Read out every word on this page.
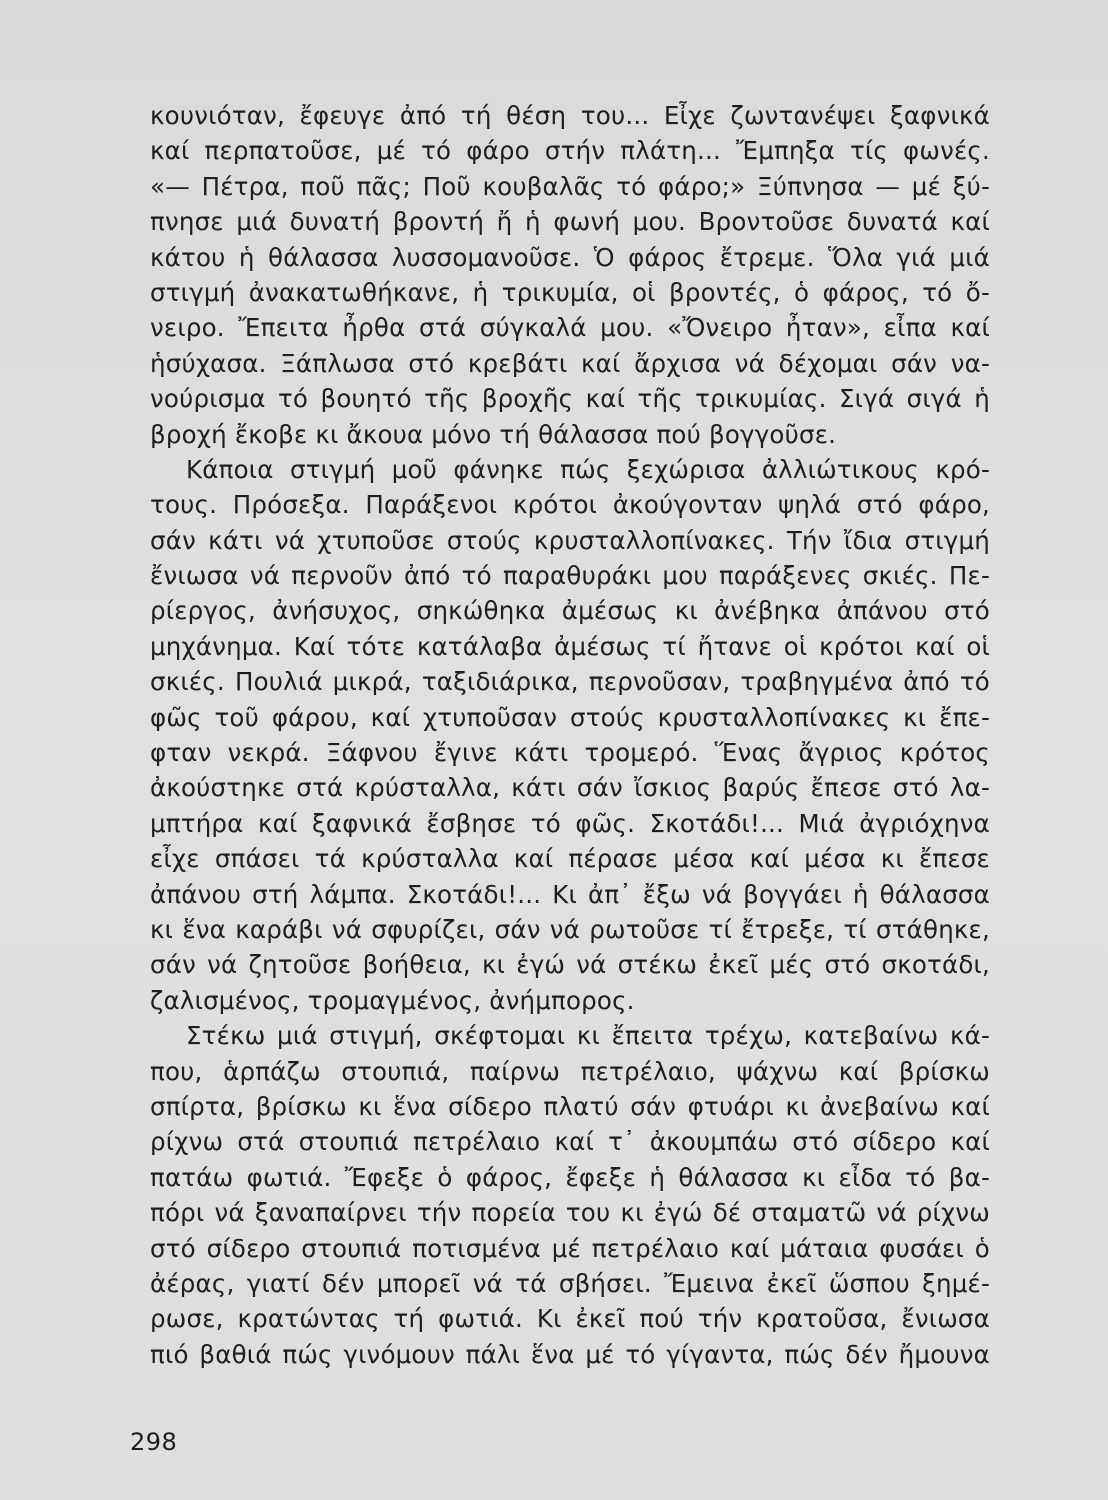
κουνιόταν, ἔφευγε ἀπό τή θέση του... Εἶχε ζωντανέψει ξαφνικά
καί περπατοῦσε, μέ τό φάρο στήν πλάτη... Ἔμπηξα τίς φωνές.
«— Πέτρα, ποῦ πᾶς; Ποῦ κουβαλᾶς τό φάρο;» Ξύπνησα — μέ ξύ-
πνησε μιά δυνατή βροντή ἤ ἡ φωνή μου. Βροντοῦσε δυνατά καί
κάτου ἡ θάλασσα λυσσομανοῦσε. Ὁ φάρος ἔτρεμε. Ὅλα γιά μιά
στιγμή ἀνακατωθήκανε, ἡ τρικυμία, οἱ βροντές, ὁ φάρος, τό ὄ-
νειρο. Ἔπειτα ἦρθα στά σύγκαλά μου. «Ὄνειρο ἦταν», εἶπα καί
ἡσύχασα. Ξάπλωσα στό κρεβάτι καί ἄρχισα νά δέχομαι σάν να-
νούρισμα τό βουητό τῆς βροχῆς καί τῆς τρικυμίας. Σιγά σιγά ἡ
βροχή ἔκοβε κι ἄκουα μόνο τή θάλασσα πού βογγοῦσε.
Κάποια στιγμή μοῦ φάνηκε πώς ξεχώρισα ἀλλιώτικους κρό-
τους. Πρόσεξα. Παράξενοι κρότοι ἀκούγονταν ψηλά στό φάρο,
σάν κάτι νά χτυποῦσε στούς κρυσταλλοπίνακες. Τήν ἴδια στιγμή
ἔνιωσα νά περνοῦν ἀπό τό παραθυράκι μου παράξενες σκιές. Πε-
ρίεργος, ἀνήσυχος, σηκώθηκα ἀμέσως κι ἀνέβηκα ἀπάνου στό
μηχάνημα. Καί τότε κατάλαβα ἀμέσως τί ἤτανε οἱ κρότοι καί οἱ
σκιές. Πουλιά μικρά, ταξιδιάρικα, περνοῦσαν, τραβηγμένα ἀπό τό
φῶς τοῦ φάρου, καί χτυποῦσαν στούς κρυσταλλοπίνακες κι ἔπε-
φταν νεκρά. Ξάφνου ἔγινε κάτι τρομερό. Ἕνας ἄγριος κρότος
ἀκούστηκε στά κρύσταλλα, κάτι σάν ἴσκιος βαρύς ἔπεσε στό λα-
μπτήρα καί ξαφνικά ἔσβησε τό φῶς. Σκοτάδι!... Μιά ἀγριόχηνα
εἶχε σπάσει τά κρύσταλλα καί πέρασε μέσα καί μέσα κι ἔπεσε
ἀπάνου στή λάμπα. Σκοτάδι!... Κι ἀπ᾿ ἔξω νά βογγάει ἡ θάλασσα
κι ἕνα καράβι νά σφυρίζει, σάν νά ρωτοῦσε τί ἔτρεξε, τί στάθηκε,
σάν νά ζητοῦσε βοήθεια, κι ἐγώ νά στέκω ἐκεῖ μές στό σκοτάδι,
ζαλισμένος, τρομαγμένος, ἀνήμπορος.
Στέκω μιά στιγμή, σκέφτομαι κι ἔπειτα τρέχω, κατεβαίνω κά-
που, ἁρπάζω στουπιά, παίρνω πετρέλαιο, ψάχνω καί βρίσκω
σπίρτα, βρίσκω κι ἕνα σίδερο πλατύ σάν φτυάρι κι ἀνεβαίνω καί
ρίχνω στά στουπιά πετρέλαιο καί τ᾿ ἀκουμπάω στό σίδερο καί
πατάω φωτιά. Ἔφεξε ὁ φάρος, ἔφεξε ἡ θάλασσα κι εἶδα τό βα-
πόρι νά ξαναπαίρνει τήν πορεία του κι ἐγώ δέ σταματῶ νά ρίχνω
στό σίδερο στουπιά ποτισμένα μέ πετρέλαιο καί μάταια φυσάει ὁ
ἀέρας, γιατί δέν μπορεῖ νά τά σβήσει. Ἔμεινα ἐκεῖ ὥσπου ξημέ-
ρωσε, κρατώντας τή φωτιά. Κι ἐκεῖ πού τήν κρατοῦσα, ἔνιωσα
πιό βαθιά πώς γινόμουν πάλι ἕνα μέ τό γίγαντα, πώς δέν ἤμουνα
298
